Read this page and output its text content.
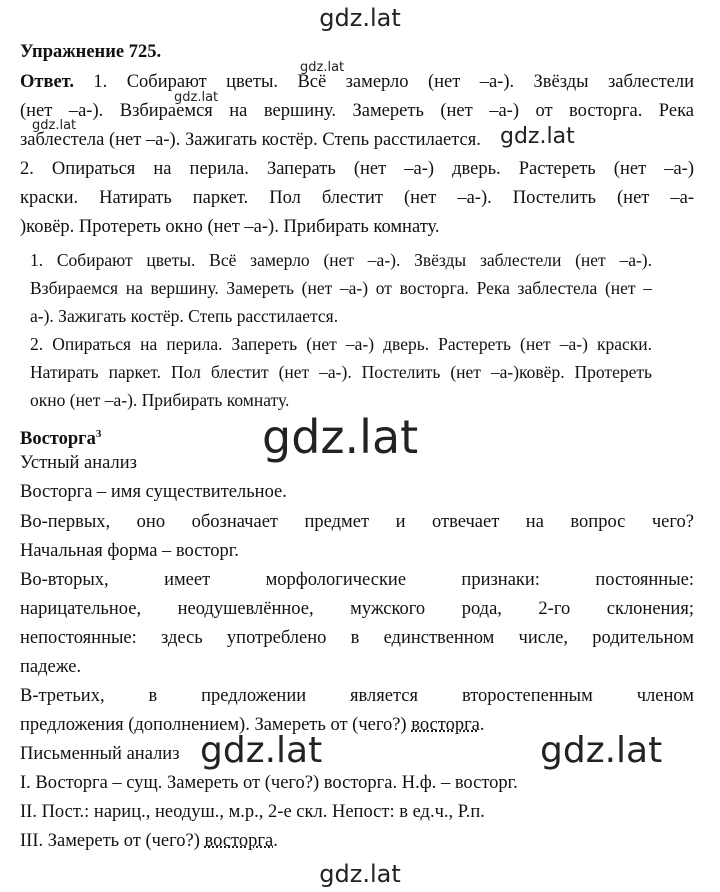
gdz.lat
gdz.lat
gdz.lat
gdz.lat	gdz.lat
gdz.lat
gdz.lat	gdz.lat
gdz.lat
Упражнение 725.
Ответ. 1. Собирают цветы. Всё замерло (нет –а-). Звёзды заблестели
(нет –а-). Взбираемся на вершину. Замереть (нет –а-) от восторга. Река
заблестела (нет –а-). Зажигать костёр. Степь расстилается.
2. Опираться на перила. Заперать (нет –а-) дверь. Растереть (нет –а-)
краски. Натирать паркет. Пол блестит (нет –а-). Постелить (нет –а-
)ковёр. Протереть окно (нет –а-). Прибирать комнату.
1. Собирают цветы. Всё замерло (нет –а-). Звёзды заблестели (нет –а-).
Взбираемся на вершину. Замереть (нет –а-) от восторга. Река заблестела (нет –
а-). Зажигать костёр. Степь расстилается.
2. Опираться на перила. Запереть (нет –а-) дверь. Растереть (нет –а-) краски.
Натирать паркет. Пол блестит (нет –а-). Постелить (нет –а-)ковёр. Протереть
окно (нет –а-). Прибирать комнату.
Восторга$^3$
Устный анализ
Восторга – имя существительное.
Во-первых, оно обозначает предмет и отвечает на вопрос чего?
Начальная форма – восторг.
Во-вторых, имеет морфологические признаки: постоянные:
нарицательное, неодушевлённое, мужского рода, 2-го склонения;
непостоянные: здесь употреблено в единственном числе, родительном
падеже.
В-третьих, в предложении является второстепенным членом
предложения (дополнением). Замереть от (чего?) восторга.
Письменный анализ
I. Восторга – сущ. Замереть от (чего?) восторга. Н.ф. – восторг.
II. Пост.: нариц., неодуш., м.р., 2-е скл. Непост: в ед.ч., Р.п.
III. Замереть от (чего?) восторга.
